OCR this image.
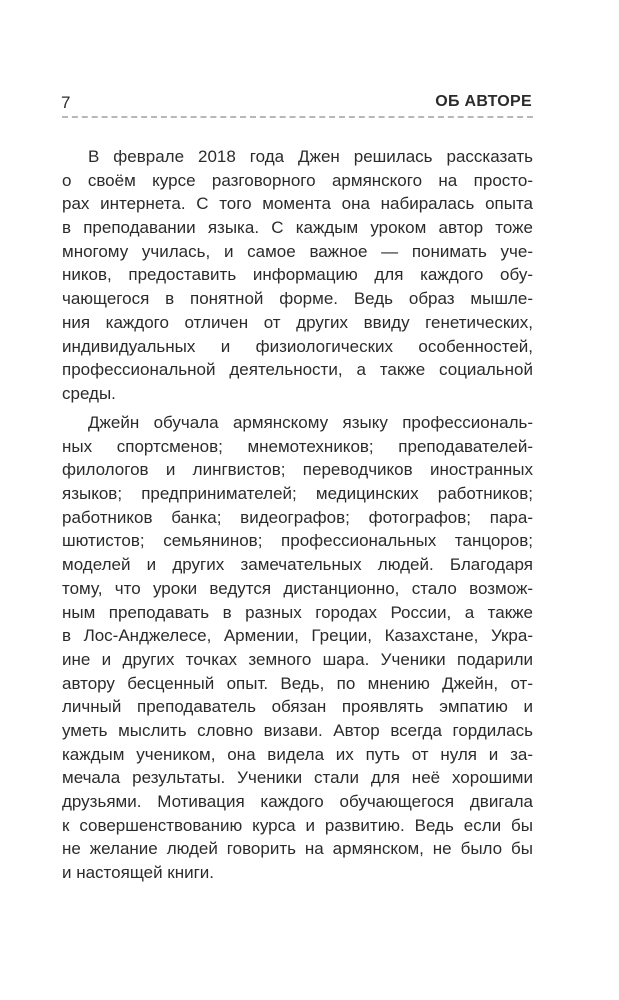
7	ОБ АВТОРЕ
В феврале 2018 года Джен решилась рассказать
о своём курсе разговорного армянского на просто-
рах интернета. С того момента она набиралась опыта
в преподавании языка. С каждым уроком автор тоже
многому училась, и самое важное — понимать уче-
ников, предоставить информацию для каждого обу-
чающегося в понятной форме. Ведь образ мышле-
ния каждого отличен от других ввиду генетических,
индивидуальных и физиологических особенностей,
профессиональной деятельности, а также социальной
среды.
Джейн обучала армянскому языку профессиональ-
ных спортсменов; мнемотехников; преподавателей-
филологов и лингвистов; переводчиков иностранных
языков; предпринимателей; медицинских работников;
работников банка; видеографов; фотографов; пара-
шютистов; семьянинов; профессиональных танцоров;
моделей и других замечательных людей. Благодаря
тому, что уроки ведутся дистанционно, стало возмож-
ным преподавать в разных городах России, а также
в Лос-Анджелесе, Армении, Греции, Казахстане, Укра-
ине и других точках земного шара. Ученики подарили
автору бесценный опыт. Ведь, по мнению Джейн, от-
личный преподаватель обязан проявлять эмпатию и
уметь мыслить словно визави. Автор всегда гордилась
каждым учеником, она видела их путь от нуля и за-
мечала результаты. Ученики стали для неё хорошими
друзьями. Мотивация каждого обучающегося двигала
к совершенствованию курса и развитию. Ведь если бы
не желание людей говорить на армянском, не было бы
и настоящей книги.
